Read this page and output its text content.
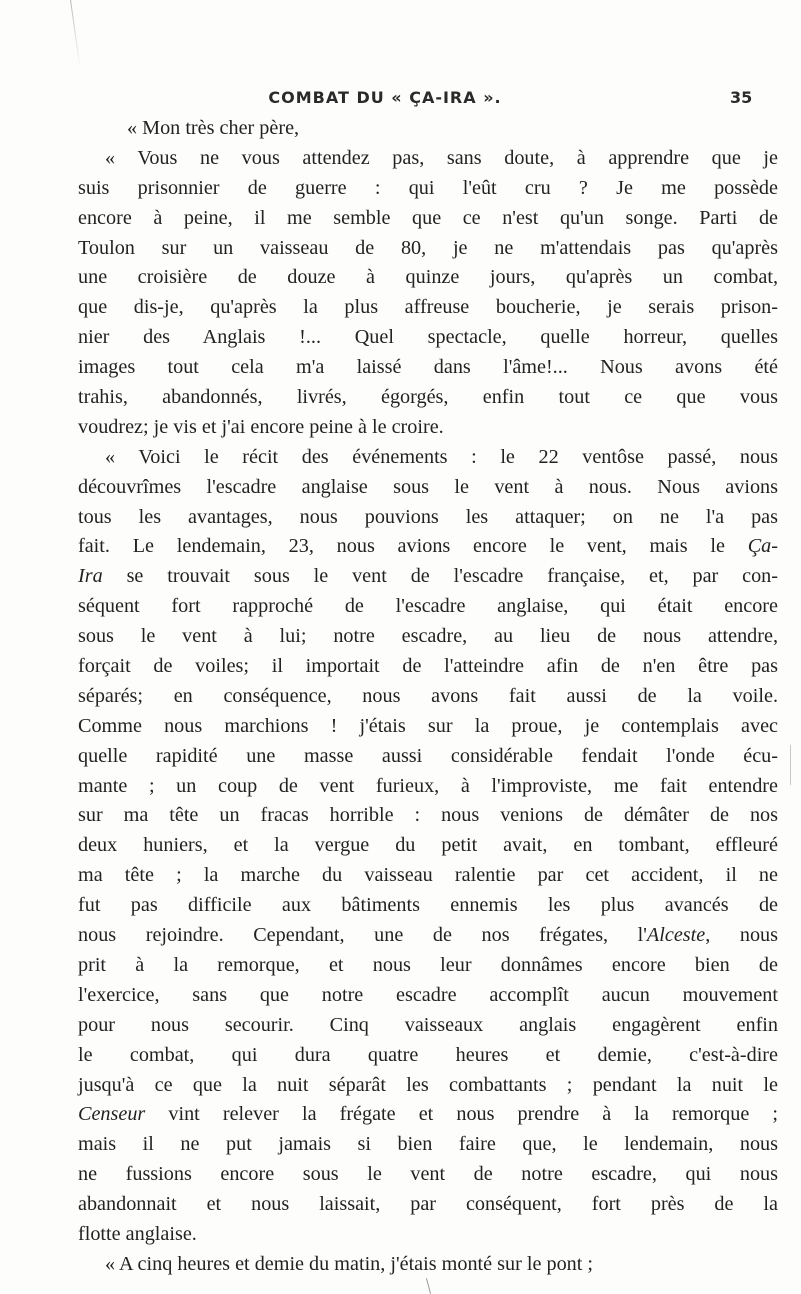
COMBAT DU « ÇA-IRA ».	35
« Mon très cher père,
« Vous ne vous attendez pas, sans doute, à apprendre que je
suis prisonnier de guerre : qui l'eût cru ? Je me possède
encore à peine, il me semble que ce n'est qu'un songe. Parti de
Toulon sur un vaisseau de 80, je ne m'attendais pas qu'après
une croisière de douze à quinze jours, qu'après un combat,
que dis-je, qu'après la plus affreuse boucherie, je serais prison-
nier des Anglais !... Quel spectacle, quelle horreur, quelles
images tout cela m'a laissé dans l'âme!... Nous avons été
trahis, abandonnés, livrés, égorgés, enfin tout ce que vous
voudrez; je vis et j'ai encore peine à le croire.
« Voici le récit des événements : le 22 ventôse passé, nous
découvrîmes l'escadre anglaise sous le vent à nous. Nous avions
tous les avantages, nous pouvions les attaquer; on ne l'a pas
fait. Le lendemain, 23, nous avions encore le vent, mais le Ça-
Ira se trouvait sous le vent de l'escadre française, et, par con-
séquent fort rapproché de l'escadre anglaise, qui était encore
sous le vent à lui; notre escadre, au lieu de nous attendre,
forçait de voiles; il importait de l'atteindre afin de n'en être pas
séparés; en conséquence, nous avons fait aussi de la voile.
Comme nous marchions ! j'étais sur la proue, je contemplais avec
quelle rapidité une masse aussi considérable fendait l'onde écu-
mante ; un coup de vent furieux, à l'improviste, me fait entendre
sur ma tête un fracas horrible : nous venions de démâter de nos
deux huniers, et la vergue du petit avait, en tombant, effleuré
ma tête ; la marche du vaisseau ralentie par cet accident, il ne
fut pas difficile aux bâtiments ennemis les plus avancés de
nous rejoindre. Cependant, une de nos frégates, l'Alceste, nous
prit à la remorque, et nous leur donnâmes encore bien de
l'exercice, sans que notre escadre accomplît aucun mouvement
pour nous secourir. Cinq vaisseaux anglais engagèrent enfin
le combat, qui dura quatre heures et demie, c'est-à-dire
jusqu'à ce que la nuit séparât les combattants ; pendant la nuit le
Censeur vint relever la frégate et nous prendre à la remorque ;
mais il ne put jamais si bien faire que, le lendemain, nous
ne fussions encore sous le vent de notre escadre, qui nous
abandonnait et nous laissait, par conséquent, fort près de la
flotte anglaise.
« A cinq heures et demie du matin, j'étais monté sur le pont ;
